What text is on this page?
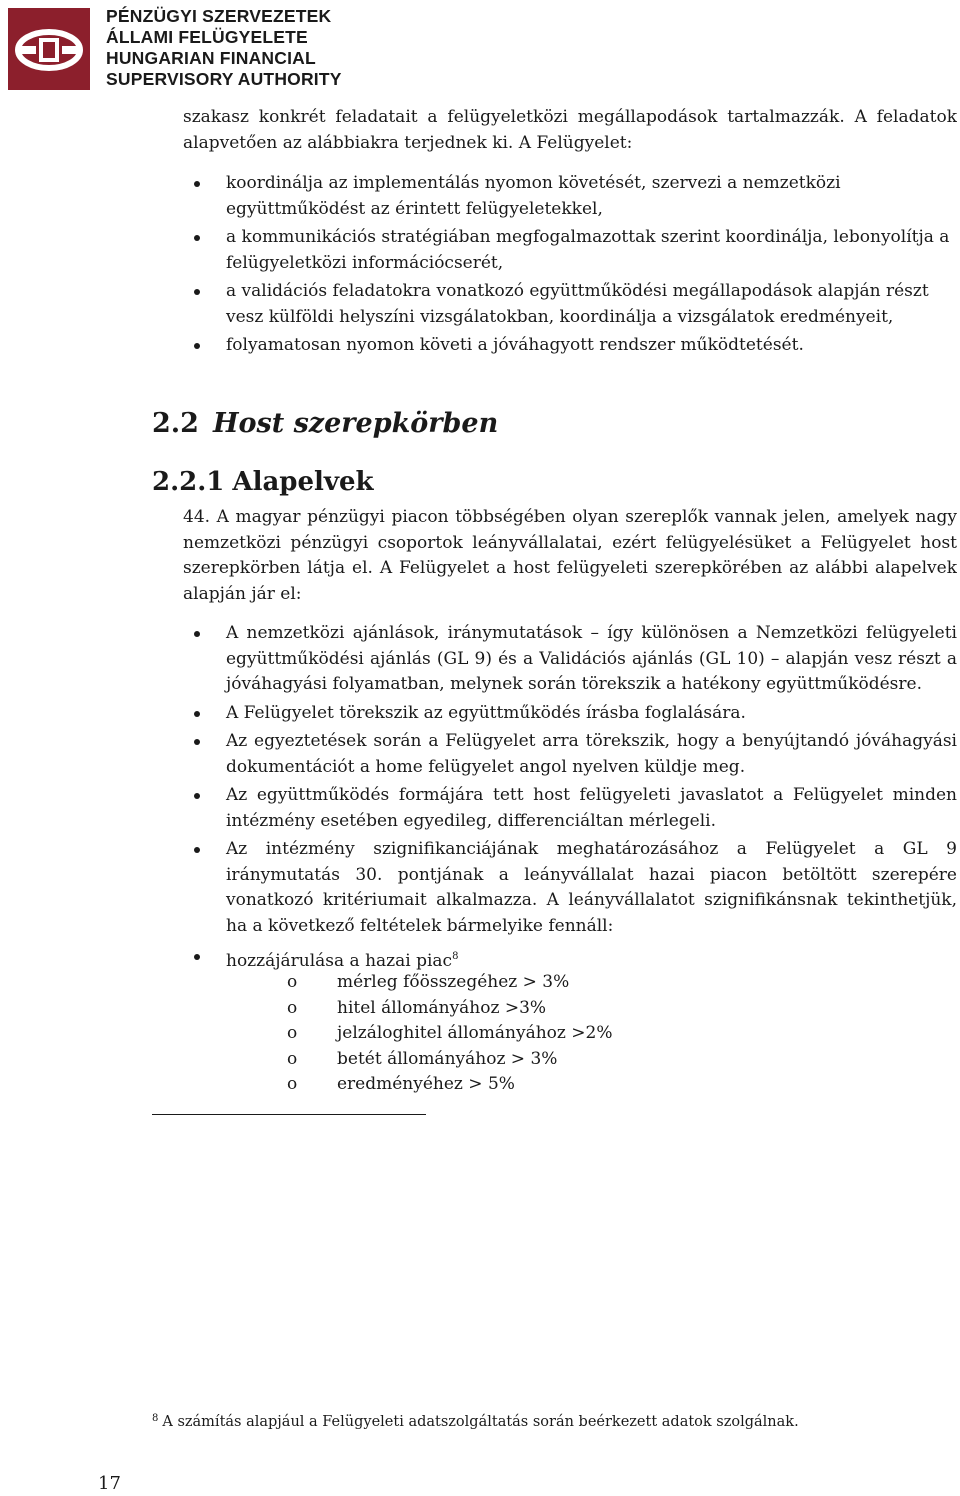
PÉNZÜGYI SZERVEZETEK
ÁLLAMI FELÜGYELETE
HUNGARIAN FINANCIAL
SUPERVISORY AUTHORITY
szakasz konkrét feladatait a felügyeletközi megállapodások tartalmazzák. A feladatok
alapvetően az alábbiakra terjednek ki. A Felügyelet:
koordinálja az implementálás nyomon követését, szervezi a nemzetközi együttműködést az érintett felügyeletekkel,
a kommunikációs stratégiában megfogalmazottak szerint koordinálja, lebonyolítja a felügyeletközi információcserét,
a validációs feladatokra vonatkozó együttműködési megállapodások alapján részt vesz külföldi helyszíni vizsgálatokban, koordinálja a vizsgálatok eredményeit,
folyamatosan nyomon követi a jóváhagyott rendszer működtetését.
2.2 Host szerepkörben
2.2.1 Alapelvek
44. A magyar pénzügyi piacon többségében olyan szereplők vannak jelen, amelyek nagy
nemzetközi pénzügyi csoportok leányvállalatai, ezért felügyelésüket a Felügyelet host
szerepkörben látja el. A Felügyelet a host felügyeleti szerepkörében az alábbi alapelvek
alapján jár el:
A nemzetközi ajánlások, iránymutatások – így különösen a Nemzetközi felügyeleti együttműködési ajánlás (GL 9) és a Validációs ajánlás (GL 10) – alapján vesz részt a jóváhagyási folyamatban, melynek során törekszik a hatékony együttműködésre.
A Felügyelet törekszik az együttműködés írásba foglalására.
Az egyeztetések során a Felügyelet arra törekszik, hogy a benyújtandó jóváhagyási dokumentációt a home felügyelet angol nyelven küldje meg.
Az együttműködés formájára tett host felügyeleti javaslatot a Felügyelet minden intézmény esetében egyedileg, differenciáltan mérlegeli.
Az intézmény szignifikanciájának meghatározásához a Felügyelet a GL 9 iránymutatás 30. pontjának a leányvállalat hazai piacon betöltött szerepére vonatkozó kritériumait alkalmazza. A leányvállalatot szignifikánsnak tekinthetjük, ha a következő feltételek bármelyike fennáll:
hozzájárulása a hazai piac$^8$
o mérleg főösszegéhez > 3%
o hitel állományához >3%
o jelzáloghitel állományához >2%
o betét állományához > 3%
o eredményéhez > 5%
$^8$ A számítás alapjául a Felügyeleti adatszolgáltatás során beérkezett adatok szolgálnak.
17
